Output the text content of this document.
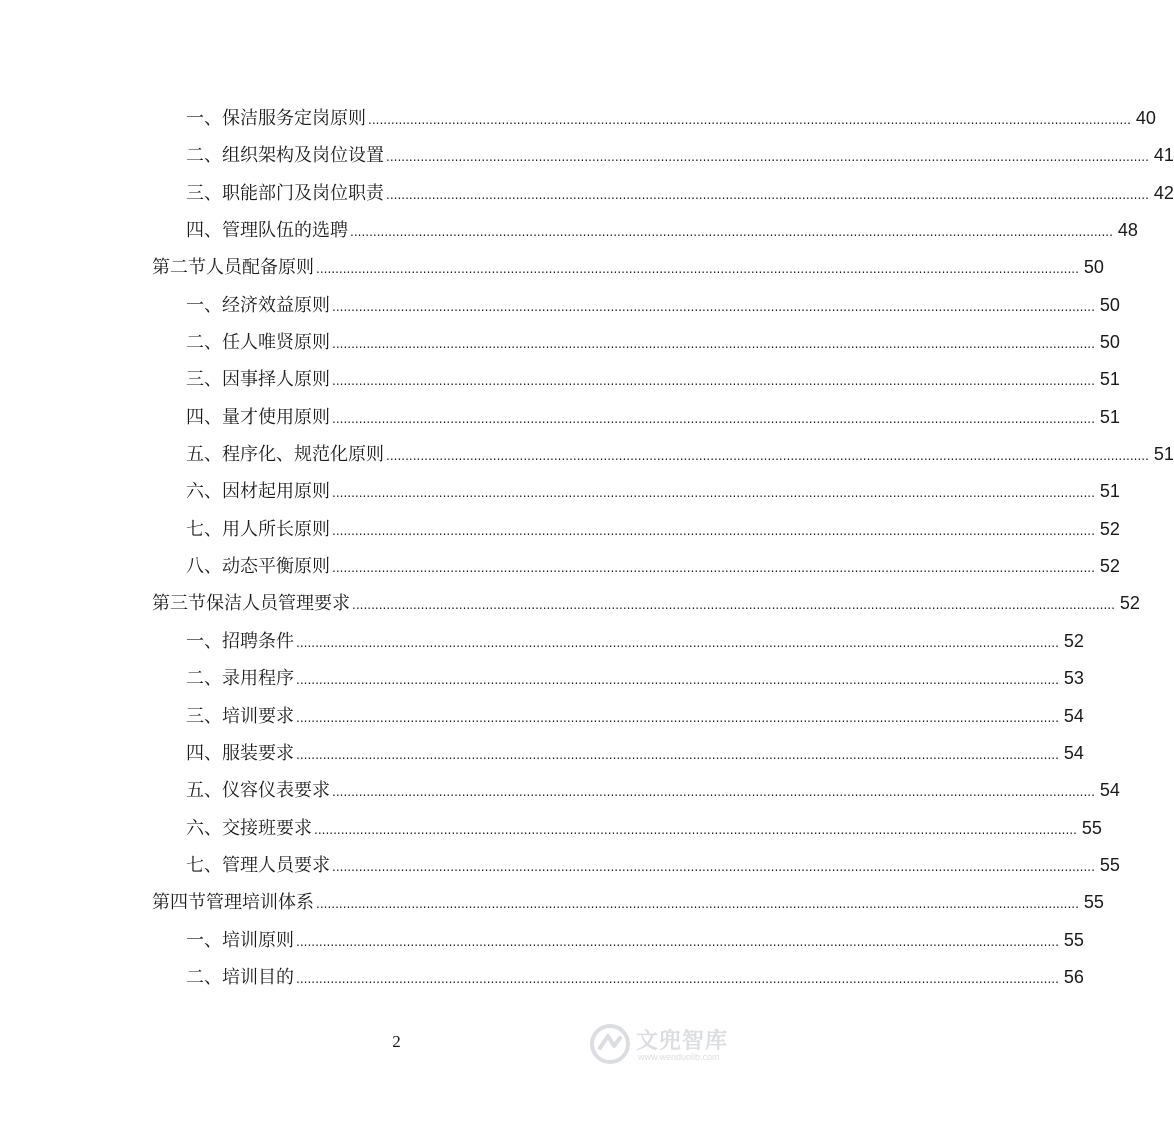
一、保洁服务定岗原则 ........................................................................................................................................................................................................ 40
二、组织架构及岗位设置 ........................................................................................................................................................................................................ 41
三、职能部门及岗位职责 ........................................................................................................................................................................................................ 42
四、管理队伍的选聘 ........................................................................................................................................................................................................ 48
第二节人员配备原则 ........................................................................................................................................................................................................ 50
一、经济效益原则 ........................................................................................................................................................................................................ 50
二、任人唯贤原则 ........................................................................................................................................................................................................ 50
三、因事择人原则 ........................................................................................................................................................................................................ 51
四、量才使用原则 ........................................................................................................................................................................................................ 51
五、程序化、规范化原则 ........................................................................................................................................................................................................ 51
六、因材起用原则 ........................................................................................................................................................................................................ 51
七、用人所长原则 ........................................................................................................................................................................................................ 52
八、动态平衡原则 ........................................................................................................................................................................................................ 52
第三节保洁人员管理要求 ........................................................................................................................................................................................................ 52
一、招聘条件 ........................................................................................................................................................................................................ 52
二、录用程序 ........................................................................................................................................................................................................ 53
三、培训要求 ........................................................................................................................................................................................................ 54
四、服装要求 ........................................................................................................................................................................................................ 54
五、仪容仪表要求 ........................................................................................................................................................................................................ 54
六、交接班要求 ........................................................................................................................................................................................................ 55
七、管理人员要求 ........................................................................................................................................................................................................ 55
第四节管理培训体系 ........................................................................................................................................................................................................ 55
一、培训原则 ........................................................................................................................................................................................................ 55
二、培训目的 ........................................................................................................................................................................................................ 56
2	文兜智库
www.wenduolib.com
